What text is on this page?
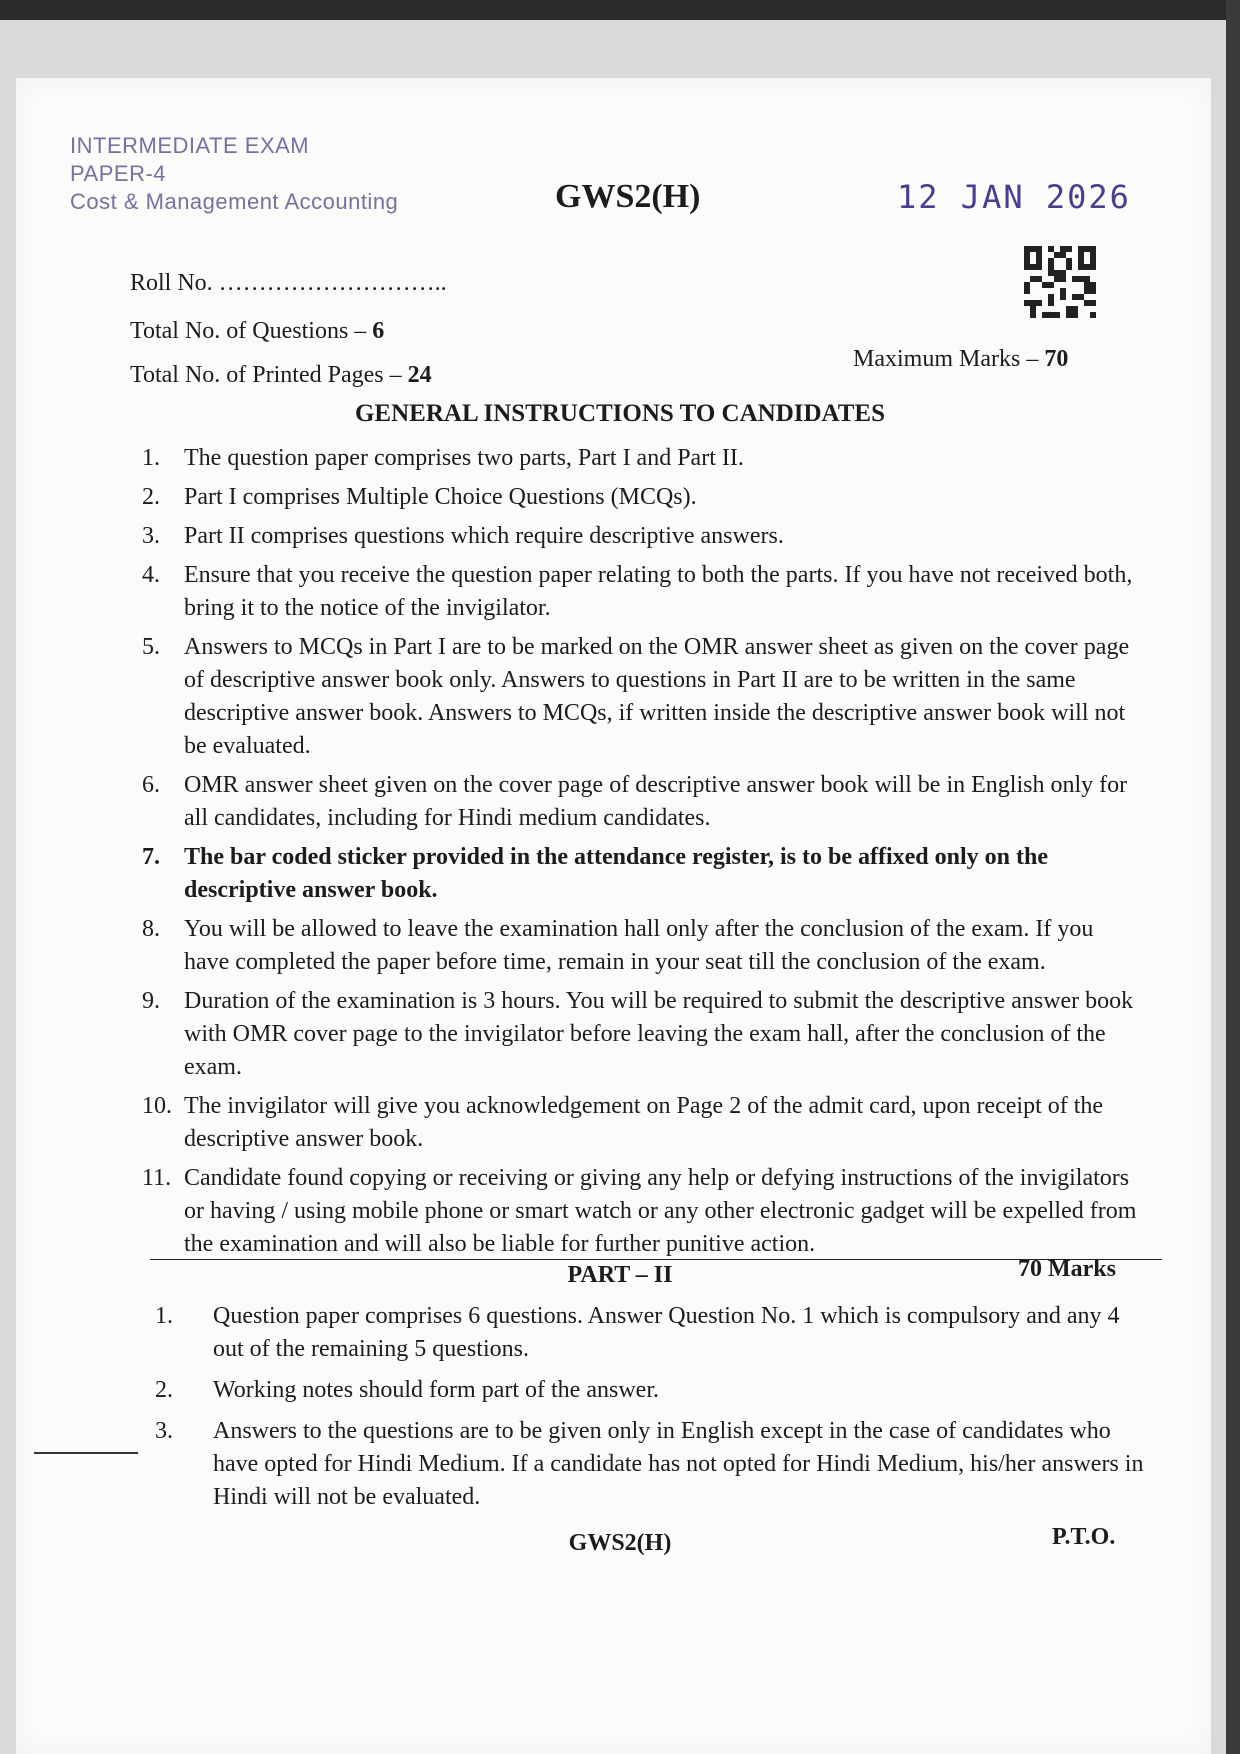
INTERMEDIATE EXAM
PAPER-4
Cost & Management Accounting	GWS2(H)	12 JAN 2026
Roll No. ………………………..
Total No. of Questions – 6
Total No. of Printed Pages – 24
Maximum Marks – 70
GENERAL INSTRUCTIONS TO CANDIDATES
1. The question paper comprises two parts, Part I and Part II.
2. Part I comprises Multiple Choice Questions (MCQs).
3. Part II comprises questions which require descriptive answers.
4. Ensure that you receive the question paper relating to both the parts. If you have not received both, bring it to the notice of the invigilator.
5. Answers to MCQs in Part I are to be marked on the OMR answer sheet as given on the cover page of descriptive answer book only. Answers to questions in Part II are to be written in the same descriptive answer book. Answers to MCQs, if written inside the descriptive answer book will not be evaluated.
6. OMR answer sheet given on the cover page of descriptive answer book will be in English only for all candidates, including for Hindi medium candidates.
7. The bar coded sticker provided in the attendance register, is to be affixed only on the descriptive answer book.
8. You will be allowed to leave the examination hall only after the conclusion of the exam. If you have completed the paper before time, remain in your seat till the conclusion of the exam.
9. Duration of the examination is 3 hours. You will be required to submit the descriptive answer book with OMR cover page to the invigilator before leaving the exam hall, after the conclusion of the exam.
10. The invigilator will give you acknowledgement on Page 2 of the admit card, upon receipt of the descriptive answer book.
11. Candidate found copying or receiving or giving any help or defying instructions of the invigilators or having / using mobile phone or smart watch or any other electronic gadget will be expelled from the examination and will also be liable for further punitive action.
PART – II	70 Marks
1. Question paper comprises 6 questions. Answer Question No. 1 which is compulsory and any 4 out of the remaining 5 questions.
2. Working notes should form part of the answer.
3. Answers to the questions are to be given only in English except in the case of candidates who have opted for Hindi Medium. If a candidate has not opted for Hindi Medium, his/her answers in Hindi will not be evaluated.
GWS2(H)	P.T.O.
